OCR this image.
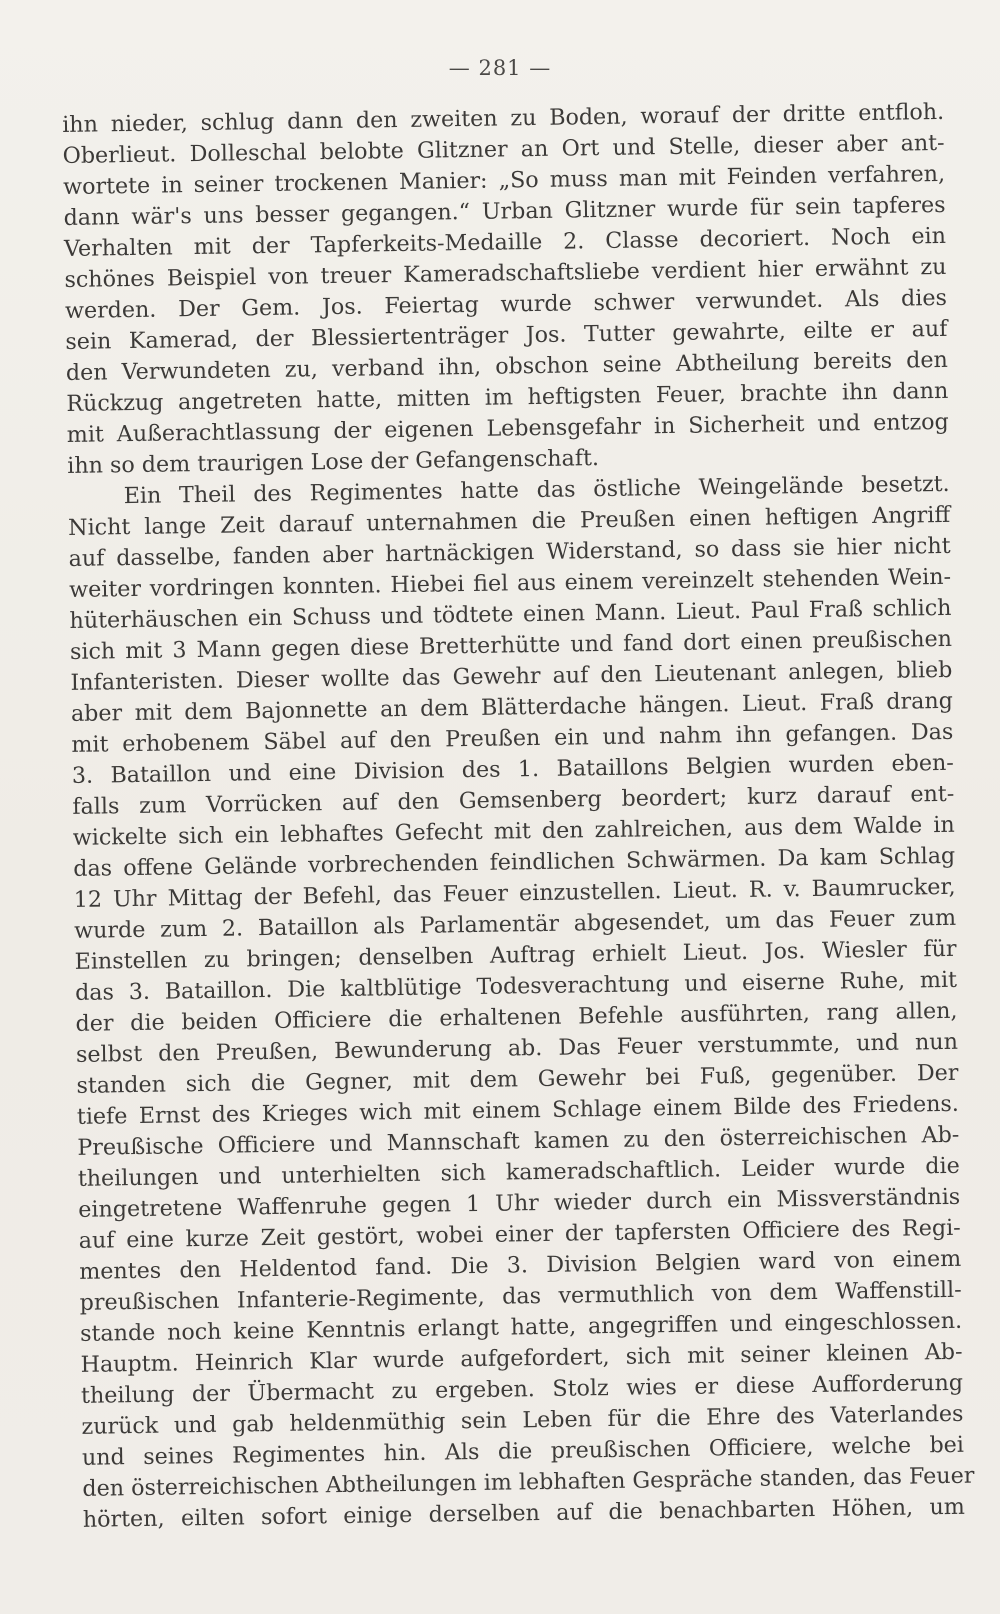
— 281 —
ihn nieder, schlug dann den zweiten zu Boden, worauf der dritte entfloh.
Oberlieut. Dolleschal belobte Glitzner an Ort und Stelle, dieser aber ant-
wortete in seiner trockenen Manier: „So muss man mit Feinden verfahren,
dann wär's uns besser gegangen.“ Urban Glitzner wurde für sein tapferes
Verhalten mit der Tapferkeits-Medaille 2. Classe decoriert. Noch ein
schönes Beispiel von treuer Kameradschaftsliebe verdient hier erwähnt zu
werden. Der Gem. Jos. Feiertag wurde schwer verwundet. Als dies
sein Kamerad, der Blessiertenträger Jos. Tutter gewahrte, eilte er auf
den Verwundeten zu, verband ihn, obschon seine Abtheilung bereits den
Rückzug angetreten hatte, mitten im heftigsten Feuer, brachte ihn dann
mit Außerachtlassung der eigenen Lebensgefahr in Sicherheit und entzog
ihn so dem traurigen Lose der Gefangenschaft.
Ein Theil des Regimentes hatte das östliche Weingelände besetzt.
Nicht lange Zeit darauf unternahmen die Preußen einen heftigen Angriff
auf dasselbe, fanden aber hartnäckigen Widerstand, so dass sie hier nicht
weiter vordringen konnten. Hiebei fiel aus einem vereinzelt stehenden Wein-
hüterhäuschen ein Schuss und tödtete einen Mann. Lieut. Paul Fraß schlich
sich mit 3 Mann gegen diese Bretterhütte und fand dort einen preußischen
Infanteristen. Dieser wollte das Gewehr auf den Lieutenant anlegen, blieb
aber mit dem Bajonnette an dem Blätterdache hängen. Lieut. Fraß drang
mit erhobenem Säbel auf den Preußen ein und nahm ihn gefangen. Das
3. Bataillon und eine Division des 1. Bataillons Belgien wurden eben-
falls zum Vorrücken auf den Gemsenberg beordert; kurz darauf ent-
wickelte sich ein lebhaftes Gefecht mit den zahlreichen, aus dem Walde in
das offene Gelände vorbrechenden feindlichen Schwärmen. Da kam Schlag
12 Uhr Mittag der Befehl, das Feuer einzustellen. Lieut. R. v. Baumrucker,
wurde zum 2. Bataillon als Parlamentär abgesendet, um das Feuer zum
Einstellen zu bringen; denselben Auftrag erhielt Lieut. Jos. Wiesler für
das 3. Bataillon. Die kaltblütige Todesverachtung und eiserne Ruhe, mit
der die beiden Officiere die erhaltenen Befehle ausführten, rang allen,
selbst den Preußen, Bewunderung ab. Das Feuer verstummte, und nun
standen sich die Gegner, mit dem Gewehr bei Fuß, gegenüber. Der
tiefe Ernst des Krieges wich mit einem Schlage einem Bilde des Friedens.
Preußische Officiere und Mannschaft kamen zu den österreichischen Ab-
theilungen und unterhielten sich kameradschaftlich. Leider wurde die
eingetretene Waffenruhe gegen 1 Uhr wieder durch ein Missverständnis
auf eine kurze Zeit gestört, wobei einer der tapfersten Officiere des Regi-
mentes den Heldentod fand. Die 3. Division Belgien ward von einem
preußischen Infanterie-Regimente, das vermuthlich von dem Waffenstill-
stande noch keine Kenntnis erlangt hatte, angegriffen und eingeschlossen.
Hauptm. Heinrich Klar wurde aufgefordert, sich mit seiner kleinen Ab-
theilung der Übermacht zu ergeben. Stolz wies er diese Aufforderung
zurück und gab heldenmüthig sein Leben für die Ehre des Vaterlandes
und seines Regimentes hin. Als die preußischen Officiere, welche bei
den österreichischen Abtheilungen im lebhaften Gespräche standen, das Feuer
hörten, eilten sofort einige derselben auf die benachbarten Höhen, um
